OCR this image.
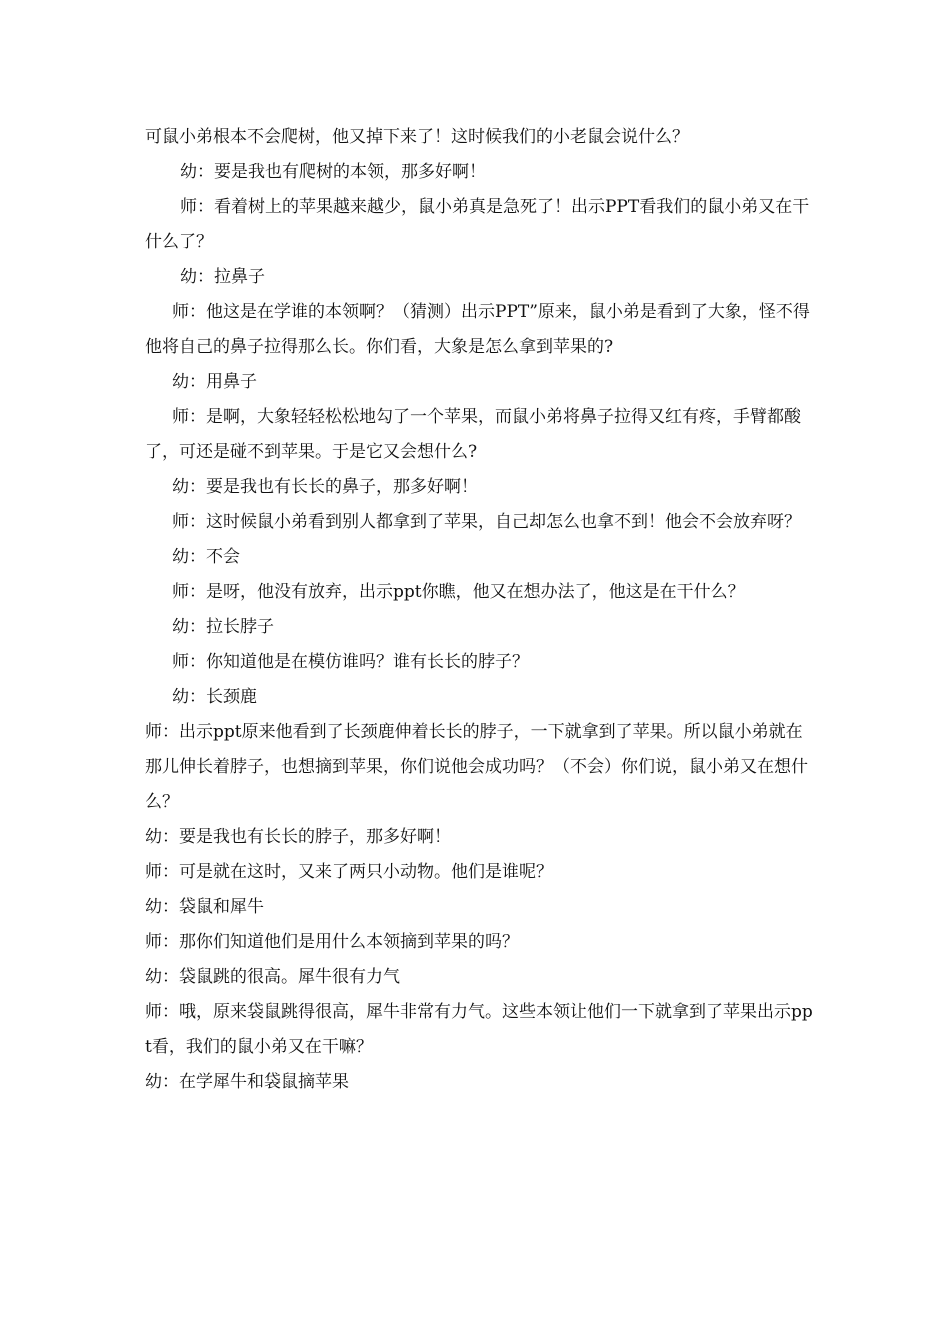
可鼠小弟根本不会爬树，他又掉下来了！这时候我们的小老鼠会说什么？

幼：要是我也有爬树的本领，那多好啊！

师：看着树上的苹果越来越少，鼠小弟真是急死了！出示PPT看我们的鼠小弟又在干什么了？

幼：拉鼻子

师：他这是在学谁的本领啊？（猜测）出示PPT”原来，鼠小弟是看到了大象，怪不得他将自己的鼻子拉得那么长。你们看，大象是怎么拿到苹果的?

幼：用鼻子

师：是啊，大象轻轻松松地勾了一个苹果，而鼠小弟将鼻子拉得又红有疼，手臂都酸了，可还是碰不到苹果。于是它又会想什么?

幼：要是我也有长长的鼻子，那多好啊！

师：这时候鼠小弟看到别人都拿到了苹果，自己却怎么也拿不到！他会不会放弃呀？

幼：不会

师：是呀，他没有放弃，出示ppt你瞧，他又在想办法了，他这是在干什么？

幼：拉长脖子

师：你知道他是在模仿谁吗？谁有长长的脖子？

幼：长颈鹿

师：出示ppt原来他看到了长颈鹿伸着长长的脖子，一下就拿到了苹果。所以鼠小弟就在那儿伸长着脖子，也想摘到苹果，你们说他会成功吗？（不会）你们说，鼠小弟又在想什么？

幼：要是我也有长长的脖子，那多好啊！

师：可是就在这时，又来了两只小动物。他们是谁呢？

幼：袋鼠和犀牛

师：那你们知道他们是用什么本领摘到苹果的吗？

幼：袋鼠跳的很高。犀牛很有力气

师：哦，原来袋鼠跳得很高，犀牛非常有力气。这些本领让他们一下就拿到了苹果出示ppt看，我们的鼠小弟又在干嘛？

幼：在学犀牛和袋鼠摘苹果
